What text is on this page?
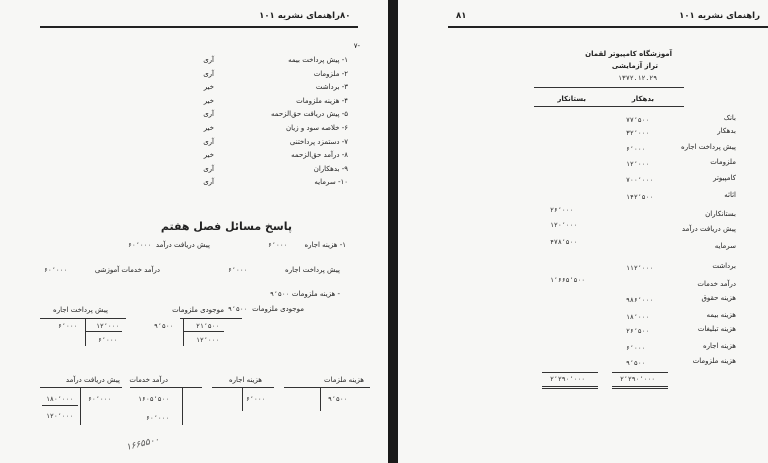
راهنمای نشریه ۱۰۱ ۸۰
-۷
۱- پیش پرداخت بیمه
آری
۲- ملزومات
آری
۳- برداشت
خیر
۴- هزینه ملزومات
خیر
۵- پیش دریافت حق‌الزحمه
آری
۶- خلاصه سود و زیان
خیر
۷- دستمزد پرداختنی
آری
۸- درآمد حق‌الزحمه
خیر
۹- بدهکاران
آری
۱۰- سرمایه
آری
پاسخ مسائل فصل هفتم
۱- هزینه اجاره
۶٬۰۰۰
پیش دریافت درآمد
۶۰٬۰۰۰
پیش پرداخت اجاره
۶٬۰۰۰
درآمد خدمات آموزشی
۶۰٬۰۰۰
- هزینه ملزومات
۹٬۵۰۰
موجودی ملزومات
۹٬۵۰۰
موجودی ملزومات
۲۱٬۵۰۰
۹٬۵۰۰
۱۲٬۰۰۰
پیش پرداخت اجاره
۱۲٬۰۰۰
۶٬۰۰۰
۶٬۰۰۰
هزینه ملزمات
۹٬۵۰۰
هزینه اجاره
۶٬۰۰۰
درآمد خدمات
۱۶۰۵٬۵۰۰
۶۰٬۰۰۰
پیش دریافت درآمد
۶۰٬۰۰۰
۱۸۰٬۰۰۰
۱۲۰٬۰۰۰
۱۶۶۵۵۰۰
راهنمای نشریه ۱۰۱
۸۱
آموزشگاه کامپیوتر لقمان
تراز آزمایشی
۱۳۷۲.۱۲.۲۹
بدهکار
بستانکار
بانک
۷۷٬۵۰۰
بدهکار
۳۲٬۰۰۰
پیش پرداخت اجاره
۶٬۰۰۰
ملزومات
۱۲٬۰۰۰
کامپیوتر
۷۰۰٬۰۰۰
اثاثه
۱۴۲٬۵۰۰
بستانکاران
۲۶٬۰۰۰
پیش دریافت درآمد
۱۲۰٬۰۰۰
سرمایه
۴۷۸٬۵۰۰
برداشت
۱۱۲٬۰۰۰
درآمد خدمات
۱٬۶۶۵٬۵۰۰
هزینه حقوق
۹۸۶٬۰۰۰
هزینه بیمه
۱۸٬۰۰۰
هزینه تبلیغات
۲۶٬۵۰۰
هزینه اجاره
۶٬۰۰۰
هزینه ملزومات
۹٬۵۰۰
۲٬۲۹۰٬۰۰۰	۲٬۲۹۰٬۰۰۰
